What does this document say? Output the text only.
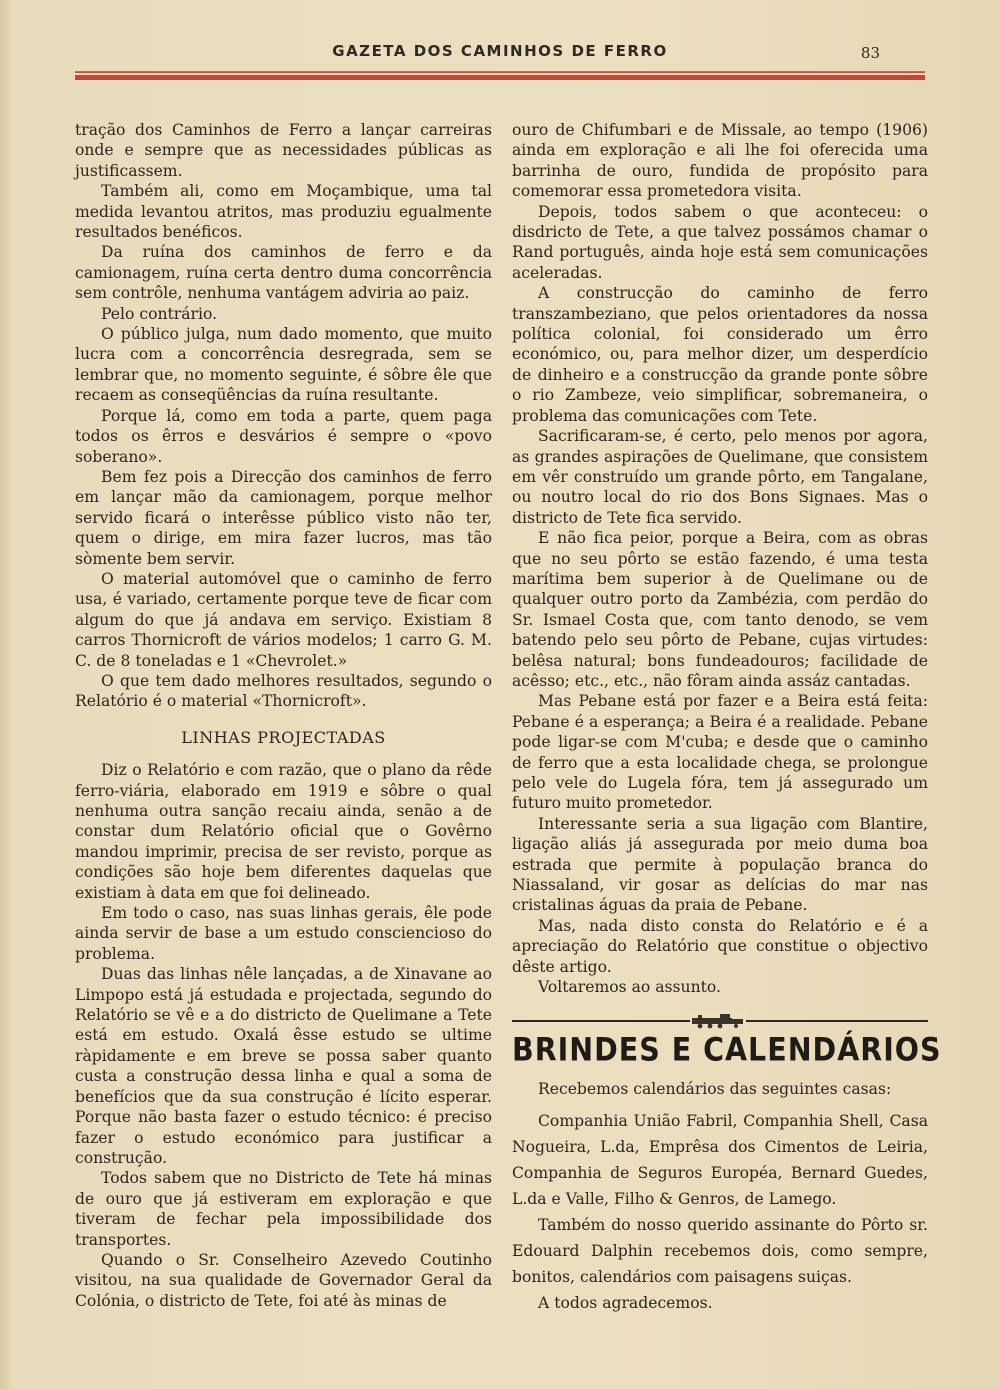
GAZETA DOS CAMINHOS DE FERRO	83

tração dos Caminhos de Ferro a lançar carreiras onde e sempre que as necessidades públicas as justificassem.

Também ali, como em Moçambique, uma tal medida levantou atritos, mas produziu egualmente resultados benéficos.

Da ruína dos caminhos de ferro e da camionagem, ruína certa dentro duma concorrência sem contrôle, nenhuma vantágem adviria ao paiz.

Pelo contrário.

O público julga, num dado momento, que muito lucra com a concorrência desregrada, sem se lembrar que, no momento seguinte, é sôbre êle que recaem as conseqüências da ruína resultante.

Porque lá, como em toda a parte, quem paga todos os êrros e desvários é sempre o «povo soberano».

Bem fez pois a Direcção dos caminhos de ferro em lançar mão da camionagem, porque melhor servido ficará o interêsse público visto não ter, quem o dirige, em mira fazer lucros, mas tão sòmente bem servir.

O material automóvel que o caminho de ferro usa, é variado, certamente porque teve de ficar com algum do que já andava em serviço. Existiam 8 carros Thornicroft de vários modelos; 1 carro G. M. C. de 8 toneladas e 1 «Chevrolet.»

O que tem dado melhores resultados, segundo o Relatório é o material «Thornicroft».

LINHAS PROJECTADAS

Diz o Relatório e com razão, que o plano da rêde ferro-viária, elaborado em 1919 e sôbre o qual nenhuma outra sanção recaiu ainda, senão a de constar dum Relatório oficial que o Govêrno mandou imprimir, precisa de ser revisto, porque as condições são hoje bem diferentes daquelas que existiam à data em que foi delineado.

Em todo o caso, nas suas linhas gerais, êle pode ainda servir de base a um estudo consciencioso do problema.

Duas das linhas nêle lançadas, a de Xinavane ao Limpopo está já estudada e projectada, segundo do Relatório se vê e a do districto de Quelimane a Tete está em estudo. Oxalá êsse estudo se ultime ràpidamente e em breve se possa saber quanto custa a construção dessa linha e qual a soma de benefícios que da sua construção é lícito esperar. Porque não basta fazer o estudo técnico: é preciso fazer o estudo económico para justificar a construção.

Todos sabem que no Districto de Tete há minas de ouro que já estiveram em exploração e que tiveram de fechar pela impossibilidade dos transportes.

Quando o Sr. Conselheiro Azevedo Coutinho visitou, na sua qualidade de Governador Geral da Colónia, o districto de Tete, foi até às minas de

ouro de Chifumbari e de Missale, ao tempo (1906) ainda em exploração e ali lhe foi oferecida uma barrinha de ouro, fundida de propósito para comemorar essa prometedora visita.

Depois, todos sabem o que aconteceu: o disdricto de Tete, a que talvez possámos chamar o Rand português, ainda hoje está sem comunicações aceleradas.

A construcção do caminho de ferro transzambeziano, que pelos orientadores da nossa política colonial, foi considerado um êrro económico, ou, para melhor dizer, um desperdício de dinheiro e a construcção da grande ponte sôbre o rio Zambeze, veio simplificar, sobremaneira, o problema das comunicações com Tete.

Sacrificaram-se, é certo, pelo menos por agora, as grandes aspirações de Quelimane, que consistem em vêr construído um grande pôrto, em Tangalane, ou noutro local do rio dos Bons Signaes. Mas o districto de Tete fica servido.

E não fica peior, porque a Beira, com as obras que no seu pôrto se estão fazendo, é uma testa marítima bem superior à de Quelimane ou de qualquer outro porto da Zambézia, com perdão do Sr. Ismael Costa que, com tanto denodo, se vem batendo pelo seu pôrto de Pebane, cujas virtudes: belêsa natural; bons fundeadouros; facilidade de acêsso; etc., etc., não fôram ainda assáz cantadas.

Mas Pebane está por fazer e a Beira está feita: Pebane é a esperança; a Beira é a realidade. Pebane pode ligar-se com M'cuba; e desde que o caminho de ferro que a esta localidade chega, se prolongue pelo vele do Lugela fóra, tem já assegurado um futuro muito prometedor.

Interessante seria a sua ligação com Blantire, ligação aliás já assegurada por meio duma boa estrada que permite à população branca do Niassaland, vir gosar as delícias do mar nas cristalinas águas da praia de Pebane.

Mas, nada disto consta do Relatório e é a apreciação do Relatório que constitue o objectivo dêste artigo.

Voltaremos ao assunto.

BRINDES E CALENDÁRIOS

Recebemos calendários das seguintes casas:

Companhia União Fabril, Companhia Shell, Casa Nogueira, L.da, Emprêsa dos Cimentos de Leiria, Companhia de Seguros Européa, Bernard Guedes, L.da e Valle, Filho & Genros, de Lamego.

Também do nosso querido assinante do Pôrto sr. Edouard Dalphin recebemos dois, como sempre, bonitos, calendários com paisagens suiças.

A todos agradecemos.
